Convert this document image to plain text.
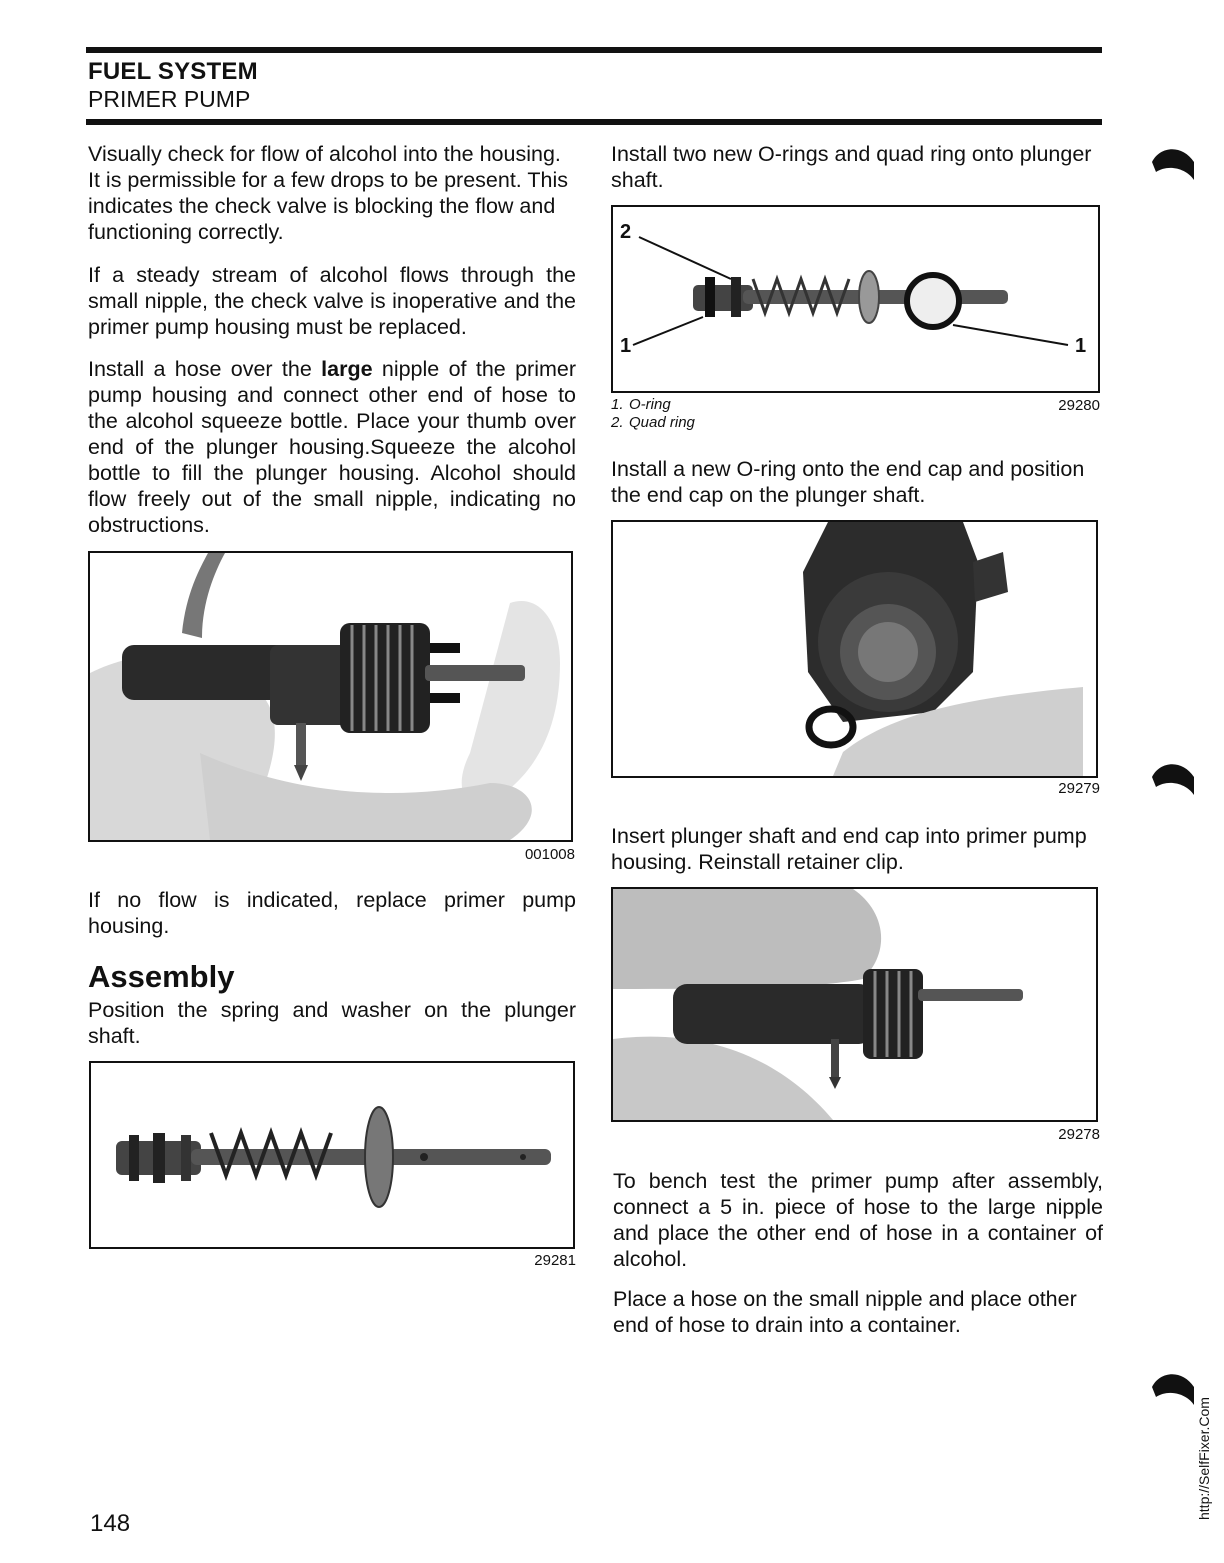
FUEL SYSTEM
PRIMER PUMP

Visually check for flow of alcohol into the housing. It is permissible for a few drops to be present. This indicates the check valve is blocking the flow and functioning correctly.

If a steady stream of alcohol flows through the small nipple, the check valve is inoperative and the primer pump housing must be replaced.

Install a hose over the large nipple of the primer pump housing and connect other end of hose to the alcohol squeeze bottle. Place your thumb over end of the plunger housing.Squeeze the alcohol bottle to fill the plunger housing. Alcohol should flow freely out of the small nipple, indicating no obstructions.

001008

If no flow is indicated, replace primer pump housing.

Assembly

Position the spring and washer on the plunger shaft.

29281

Install two new O-rings and quad ring onto plunger shaft.

2
1	1
1. O-ring
2. Quad ring
29280

Install a new O-ring onto the end cap and position the end cap on the plunger shaft.

29279

Insert plunger shaft and end cap into primer pump housing. Reinstall retainer clip.

29278

To bench test the primer pump after assembly, connect a 5 in. piece of hose to the large nipple and place the other end of hose in a container of alcohol.

Place a hose on the small nipple and place other end of hose to drain into a container.

148
http://SelfFixer.Com
